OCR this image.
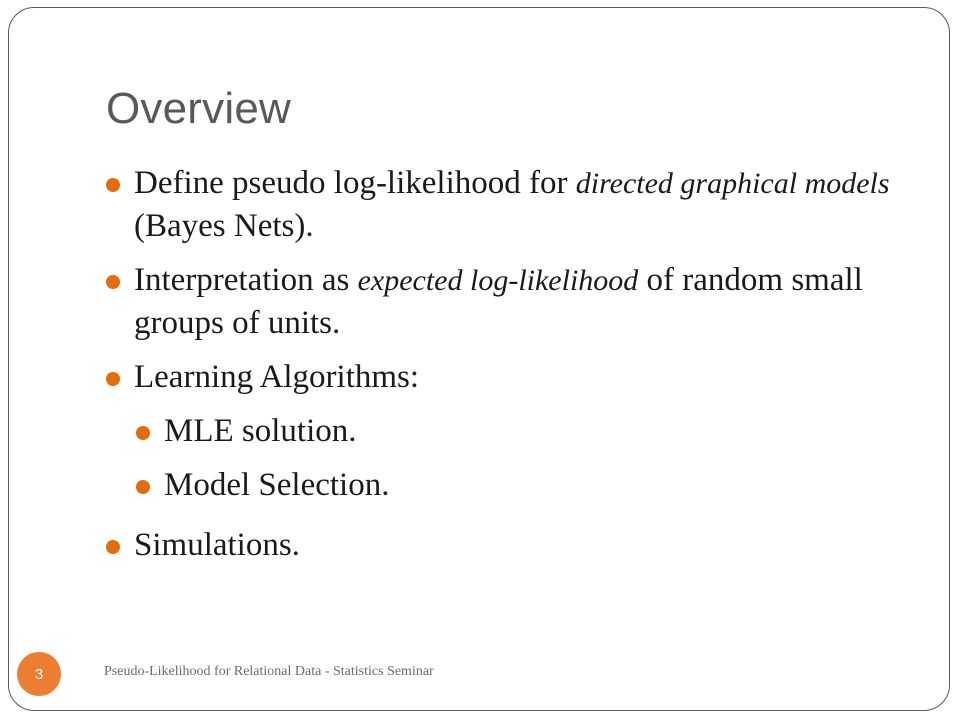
Overview
Define pseudo log-likelihood for directed graphical models (Bayes Nets).
Interpretation as expected log-likelihood of random small groups of units.
Learning Algorithms:
MLE solution.
Model Selection.
Simulations.
3	Pseudo-Likelihood for Relational Data - Statistics Seminar
